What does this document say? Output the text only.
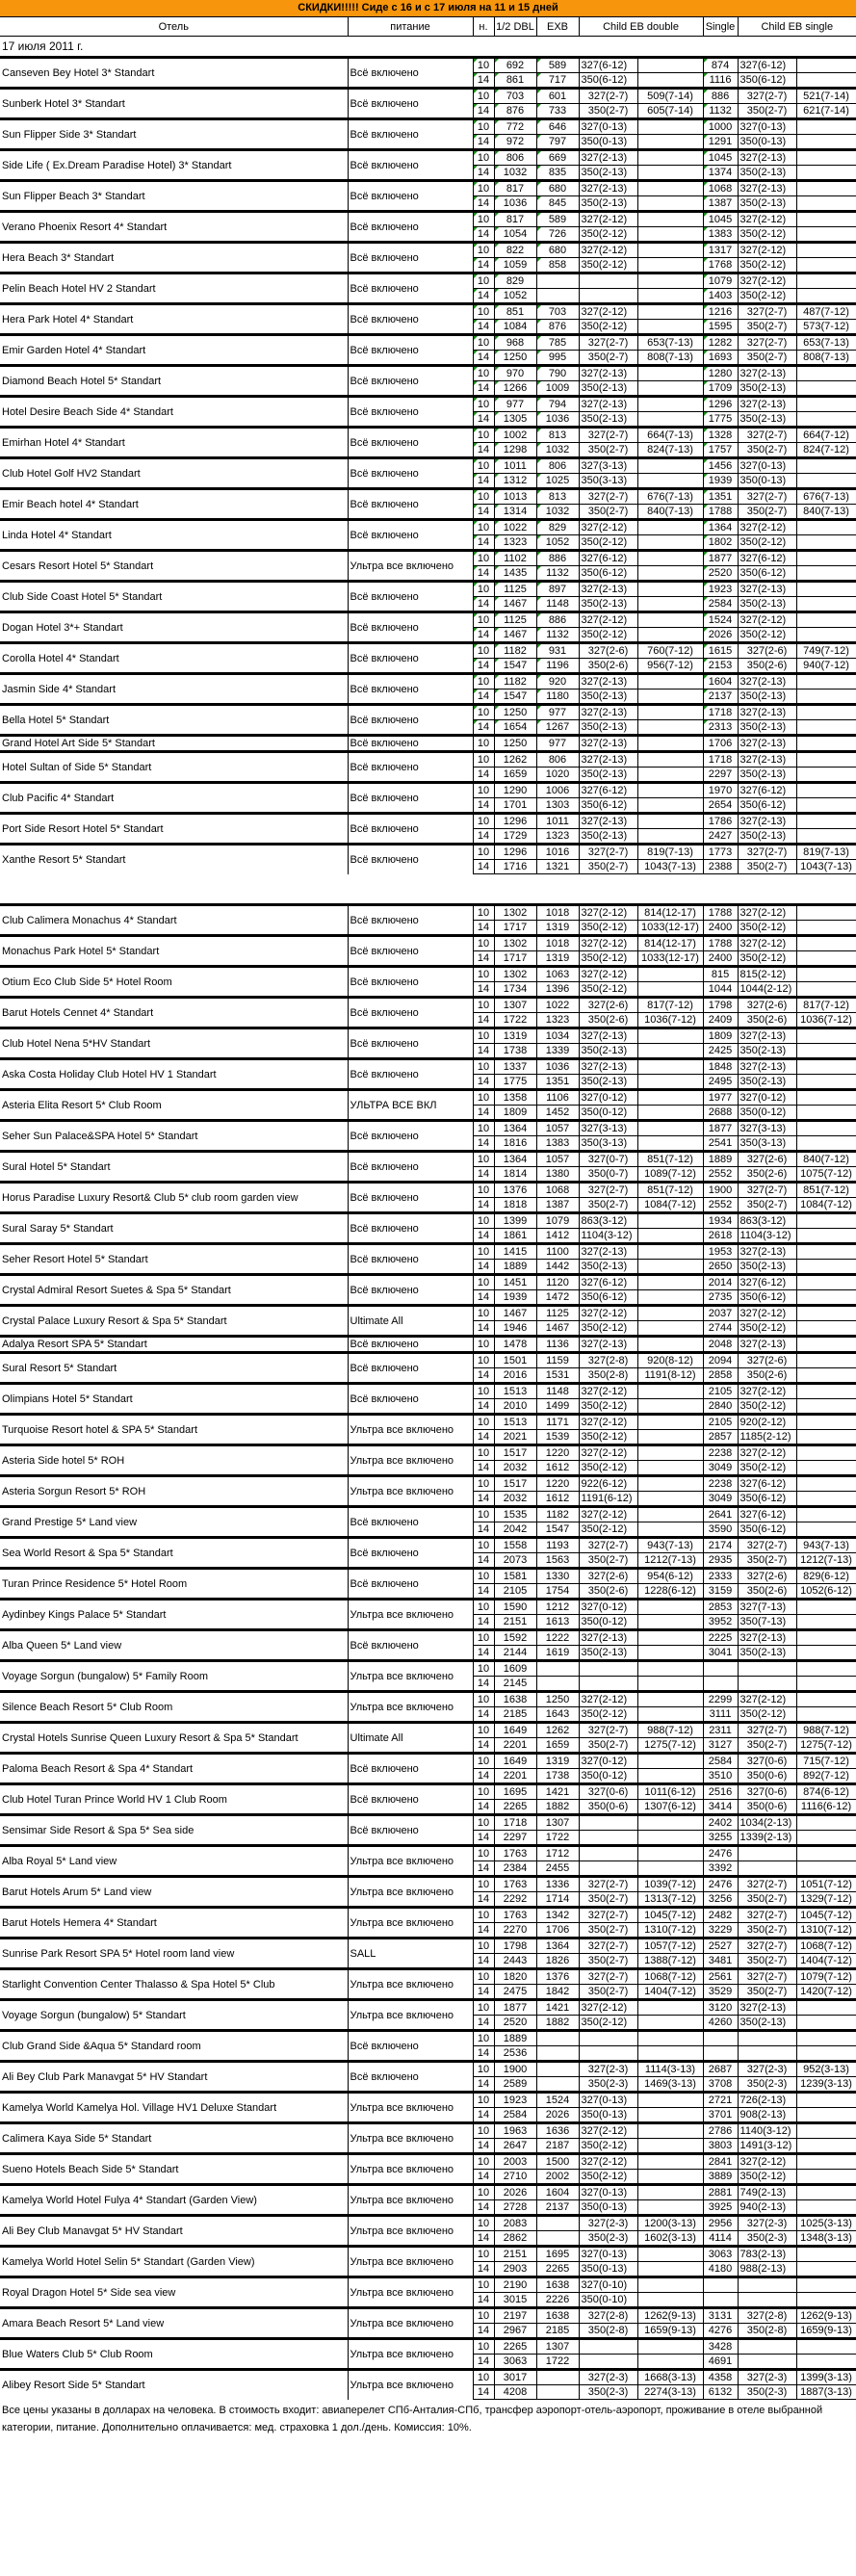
СКИДКИ!!!!! Сиде с 16 и с 17 июля на 11 и 15 дней
Отель	питание	н.	1/2 DBL	EXB	Child EB double		Single	Child EB single	
17 июля 2011 г.									
Canseven Bey Hotel 3* Standart	Всё включено	10	692	589	327(6-12)		874	327(6-12)	
		14	861	717	350(6-12)		1116	350(6-12)	
Sunberk Hotel 3* Standart	Всё включено	10	703	601	327(2-7)	509(7-14)	886	327(2-7)	521(7-14)
		14	876	733	350(2-7)	605(7-14)	1132	350(2-7)	621(7-14)
Sun Flipper Side 3* Standart	Всё включено	10	772	646	327(0-13)		1000	327(0-13)	
		14	972	797	350(0-13)		1291	350(0-13)	
Side Life ( Ex.Dream Paradise Hotel) 3* Standart	Всё включено	10	806	669	327(2-13)		1045	327(2-13)	
		14	1032	835	350(2-13)		1374	350(2-13)	
Sun Flipper Beach 3* Standart	Всё включено	10	817	680	327(2-13)		1068	327(2-13)	
		14	1036	845	350(2-13)		1387	350(2-13)	
Verano Phoenix Resort 4* Standart	Всё включено	10	817	589	327(2-12)		1045	327(2-12)	
		14	1054	726	350(2-12)		1383	350(2-12)	
Hera Beach 3* Standart	Всё включено	10	822	680	327(2-12)		1317	327(2-12)	
		14	1059	858	350(2-12)		1768	350(2-12)	
Pelin Beach Hotel HV 2 Standart	Всё включено	10	829				1079	327(2-12)	
		14	1052				1403	350(2-12)	
Hera Park Hotel 4* Standart	Всё включено	10	851	703	327(2-12)		1216	327(2-7)	487(7-12)
		14	1084	876	350(2-12)		1595	350(2-7)	573(7-12)
Emir Garden Hotel 4* Standart	Всё включено	10	968	785	327(2-7)	653(7-13)	1282	327(2-7)	653(7-13)
		14	1250	995	350(2-7)	808(7-13)	1693	350(2-7)	808(7-13)
Diamond Beach Hotel 5* Standart	Всё включено	10	970	790	327(2-13)		1280	327(2-13)	
		14	1266	1009	350(2-13)		1709	350(2-13)	
Hotel Desire Beach Side 4* Standart	Всё включено	10	977	794	327(2-13)		1296	327(2-13)	
		14	1305	1036	350(2-13)		1775	350(2-13)	
Emirhan Hotel 4* Standart	Всё включено	10	1002	813	327(2-7)	664(7-13)	1328	327(2-7)	664(7-12)
		14	1298	1032	350(2-7)	824(7-13)	1757	350(2-7)	824(7-12)
Club Hotel Golf HV2 Standart	Всё включено	10	1011	806	327(3-13)		1456	327(0-13)	
		14	1312	1025	350(3-13)		1939	350(0-13)	
Emir Beach hotel 4* Standart	Всё включено	10	1013	813	327(2-7)	676(7-13)	1351	327(2-7)	676(7-13)
		14	1314	1032	350(2-7)	840(7-13)	1788	350(2-7)	840(7-13)
Linda Hotel 4* Standart	Всё включено	10	1022	829	327(2-12)		1364	327(2-12)	
		14	1323	1052	350(2-12)		1802	350(2-12)	
Cesars Resort Hotel 5* Standart	Ультра все включено	10	1102	886	327(6-12)		1877	327(6-12)	
		14	1435	1132	350(6-12)		2520	350(6-12)	
Club Side Coast Hotel 5* Standart	Всё включено	10	1125	897	327(2-13)		1923	327(2-13)	
		14	1467	1148	350(2-13)		2584	350(2-13)	
Dogan Hotel 3*+ Standart	Всё включено	10	1125	886	327(2-12)		1524	327(2-12)	
		14	1467	1132	350(2-12)		2026	350(2-12)	
Corolla Hotel 4* Standart	Всё включено	10	1182	931	327(2-6)	760(7-12)	1615	327(2-6)	749(7-12)
		14	1547	1196	350(2-6)	956(7-12)	2153	350(2-6)	940(7-12)
Jasmin Side 4* Standart	Всё включено	10	1182	920	327(2-13)		1604	327(2-13)	
		14	1547	1180	350(2-13)		2137	350(2-13)	
Bella Hotel 5* Standart	Всё включено	10	1250	977	327(2-13)		1718	327(2-13)	
		14	1654	1267	350(2-13)		2313	350(2-13)	
Grand Hotel Art Side 5* Standart	Всё включено	10	1250	977	327(2-13)		1706	327(2-13)	
Hotel Sultan of Side 5* Standart	Всё включено	10	1262	806	327(2-13)		1718	327(2-13)	
		14	1659	1020	350(2-13)		2297	350(2-13)	
Club Pacific 4* Standart	Всё включено	10	1290	1006	327(6-12)		1970	327(6-12)	
		14	1701	1303	350(6-12)		2654	350(6-12)	
Port Side Resort Hotel 5* Standart	Всё включено	10	1296	1011	327(2-13)		1786	327(2-13)	
		14	1729	1323	350(2-13)		2427	350(2-13)	
Xanthe Resort 5* Standart	Всё включено	10	1296	1016	327(2-7)	819(7-13)	1773	327(2-7)	819(7-13)
		14	1716	1321	350(2-7)	1043(7-13)	2388	350(2-7)	1043(7-13)

Club Calimera Monachus 4* Standart	Всё включено	10	1302	1018	327(2-12)	814(12-17)	1788	327(2-12)	
		14	1717	1319	350(2-12)	1033(12-17)	2400	350(2-12)	
Monachus Park Hotel 5* Standart	Всё включено	10	1302	1018	327(2-12)	814(12-17)	1788	327(2-12)	
		14	1717	1319	350(2-12)	1033(12-17)	2400	350(2-12)	
Otium Eco Club Side 5* Hotel Room	Всё включено	10	1302	1063	327(2-12)		815	815(2-12)	
		14	1734	1396	350(2-12)		1044	1044(2-12)	
Barut Hotels Cennet 4* Standart	Всё включено	10	1307	1022	327(2-6)	817(7-12)	1798	327(2-6)	817(7-12)
		14	1722	1323	350(2-6)	1036(7-12)	2409	350(2-6)	1036(7-12)
Club Hotel Nena 5*HV Standart	Всё включено	10	1319	1034	327(2-13)		1809	327(2-13)	
		14	1738	1339	350(2-13)		2425	350(2-13)	
Aska Costa Holiday Club Hotel HV 1 Standart	Всё включено	10	1337	1036	327(2-13)		1848	327(2-13)	
		14	1775	1351	350(2-13)		2495	350(2-13)	
Asteria Elita Resort 5* Club Room	УЛЬТРА ВСЕ ВКЛ	10	1358	1106	327(0-12)		1977	327(0-12)	
		14	1809	1452	350(0-12)		2688	350(0-12)	
Seher Sun Palace&SPA Hotel 5* Standart	Всё включено	10	1364	1057	327(3-13)		1877	327(3-13)	
		14	1816	1383	350(3-13)		2541	350(3-13)	
Sural Hotel 5* Standart	Всё включено	10	1364	1057	327(0-7)	851(7-12)	1889	327(2-6)	840(7-12)
		14	1814	1380	350(0-7)	1089(7-12)	2552	350(2-6)	1075(7-12)
Horus Paradise Luxury Resort& Club 5* club room garden view	Всё включено	10	1376	1068	327(2-7)	851(7-12)	1900	327(2-7)	851(7-12)
		14	1818	1387	350(2-7)	1084(7-12)	2552	350(2-7)	1084(7-12)
Sural Saray 5* Standart	Всё включено	10	1399	1079	863(3-12)		1934	863(3-12)	
		14	1861	1412	1104(3-12)		2618	1104(3-12)	
Seher Resort Hotel 5* Standart	Всё включено	10	1415	1100	327(2-13)		1953	327(2-13)	
		14	1889	1442	350(2-13)		2650	350(2-13)	
Crystal Admiral Resort Suetes & Spa 5* Standart	Всё включено	10	1451	1120	327(6-12)		2014	327(6-12)	
		14	1939	1472	350(6-12)		2735	350(6-12)	
Crystal Palace Luxury Resort & Spa 5* Standart	Ultimate All	10	1467	1125	327(2-12)		2037	327(2-12)	
		14	1946	1467	350(2-12)		2744	350(2-12)	
Adalya Resort SPA 5* Standart	Всё включено	10	1478	1136	327(2-13)		2048	327(2-13)	
Sural Resort 5* Standart	Всё включено	10	1501	1159	327(2-8)	920(8-12)	2094	327(2-6)	
		14	2016	1531	350(2-8)	1191(8-12)	2858	350(2-6)	
Olimpians Hotel 5* Standart	Всё включено	10	1513	1148	327(2-12)		2105	327(2-12)	
		14	2010	1499	350(2-12)		2840	350(2-12)	
Turquoise Resort hotel & SPA 5* Standart	Ультра все включено	10	1513	1171	327(2-12)		2105	920(2-12)	
		14	2021	1539	350(2-12)		2857	1185(2-12)	
Asteria Side hotel 5* ROH	Ультра все включено	10	1517	1220	327(2-12)		2238	327(2-12)	
		14	2032	1612	350(2-12)		3049	350(2-12)	
Asteria Sorgun Resort 5* ROH	Ультра все включено	10	1517	1220	922(6-12)		2238	327(6-12)	
		14	2032	1612	1191(6-12)		3049	350(6-12)	
Grand Prestige 5* Land view	Всё включено	10	1535	1182	327(2-12)		2641	327(6-12)	
		14	2042	1547	350(2-12)		3590	350(6-12)	
Sea World Resort & Spa 5* Standart	Всё включено	10	1558	1193	327(2-7)	943(7-13)	2174	327(2-7)	943(7-13)
		14	2073	1563	350(2-7)	1212(7-13)	2935	350(2-7)	1212(7-13)
Turan Prince Residence 5* Hotel Room	Всё включено	10	1581	1330	327(2-6)	954(6-12)	2333	327(2-6)	829(6-12)
		14	2105	1754	350(2-6)	1228(6-12)	3159	350(2-6)	1052(6-12)
Aydinbey Kings Palace 5* Standart	Ультра все включено	10	1590	1212	327(0-12)		2853	327(7-13)	
		14	2151	1613	350(0-12)		3952	350(7-13)	
Alba Queen 5* Land view	Всё включено	10	1592	1222	327(2-13)		2225	327(2-13)	
		14	2144	1619	350(2-13)		3041	350(2-13)	
Voyage Sorgun (bungalow) 5* Family Room	Ультра все включено	10	1609						
		14	2145						
Silence Beach Resort 5* Club Room	Ультра все включено	10	1638	1250	327(2-12)		2299	327(2-12)	
		14	2185	1643	350(2-12)		3111	350(2-12)	
Crystal Hotels Sunrise Queen Luxury Resort & Spa 5* Standart	Ultimate All	10	1649	1262	327(2-7)	988(7-12)	2311	327(2-7)	988(7-12)
		14	2201	1659	350(2-7)	1275(7-12)	3127	350(2-7)	1275(7-12)
Paloma Beach Resort & Spa 4* Standart	Всё включено	10	1649	1319	327(0-12)		2584	327(0-6)	715(7-12)
		14	2201	1738	350(0-12)		3510	350(0-6)	892(7-12)
Club Hotel Turan Prince World HV 1 Club Room	Всё включено	10	1695	1421	327(0-6)	1011(6-12)	2516	327(0-6)	874(6-12)
		14	2265	1882	350(0-6)	1307(6-12)	3414	350(0-6)	1116(6-12)
Sensimar Side Resort & Spa 5* Sea side	Всё включено	10	1718	1307			2402	1034(2-13)	
		14	2297	1722			3255	1339(2-13)	
Alba Royal 5* Land view	Ультра все включено	10	1763	1712			2476		
		14	2384	2455			3392		
Barut Hotels Arum 5* Land view	Ультра все включено	10	1763	1336	327(2-7)	1039(7-12)	2476	327(2-7)	1051(7-12)
		14	2292	1714	350(2-7)	1313(7-12)	3256	350(2-7)	1329(7-12)
Barut Hotels Hemera 4* Standart	Ультра все включено	10	1763	1342	327(2-7)	1045(7-12)	2482	327(2-7)	1045(7-12)
		14	2270	1706	350(2-7)	1310(7-12)	3229	350(2-7)	1310(7-12)
Sunrise Park Resort SPA 5* Hotel room land view	SALL	10	1798	1364	327(2-7)	1057(7-12)	2527	327(2-7)	1068(7-12)
		14	2443	1826	350(2-7)	1388(7-12)	3481	350(2-7)	1404(7-12)
Starlight Convention Center Thalasso & Spa Hotel 5* Club	Ультра все включено	10	1820	1376	327(2-7)	1068(7-12)	2561	327(2-7)	1079(7-12)
		14	2475	1842	350(2-7)	1404(7-12)	3529	350(2-7)	1420(7-12)
Voyage Sorgun (bungalow) 5* Standart	Ультра все включено	10	1877	1421	327(2-12)		3120	327(2-13)	
		14	2520	1882	350(2-12)		4260	350(2-13)	
Club Grand Side &Aqua 5* Standard room	Всё включено	10	1889						
		14	2536						
Ali Bey Club Park Manavgat 5* HV Standart	Всё включено	10	1900		327(2-3)	1114(3-13)	2687	327(2-3)	952(3-13)
		14	2589		350(2-3)	1469(3-13)	3708	350(2-3)	1239(3-13)
Kamelya World Kamelya Hol. Village HV1 Deluxe Standart	Ультра все включено	10	1923	1524	327(0-13)		2721	726(2-13)	
		14	2584	2026	350(0-13)		3701	908(2-13)	
Calimera Kaya Side 5* Standart	Ультра все включено	10	1963	1636	327(2-12)		2786	1140(3-12)	
		14	2647	2187	350(2-12)		3803	1491(3-12)	
Sueno Hotels Beach Side 5* Standart	Ультра все включено	10	2003	1500	327(2-12)		2841	327(2-12)	
		14	2710	2002	350(2-12)		3889	350(2-12)	
Kamelya World Hotel Fulya 4* Standart (Garden View)	Ультра все включено	10	2026	1604	327(0-13)		2881	749(2-13)	
		14	2728	2137	350(0-13)		3925	940(2-13)	
Ali Bey Club Manavgat 5* HV Standart	Ультра все включено	10	2083		327(2-3)	1200(3-13)	2956	327(2-3)	1025(3-13)
		14	2862		350(2-3)	1602(3-13)	4114	350(2-3)	1348(3-13)
Kamelya World Hotel Selin 5* Standart (Garden View)	Ультра все включено	10	2151	1695	327(0-13)		3063	783(2-13)	
		14	2903	2265	350(0-13)		4180	988(2-13)	
Royal Dragon Hotel 5* Side sea view	Ультра все включено	10	2190	1638	327(0-10)				
		14	3015	2226	350(0-10)				
Amara Beach Resort 5* Land view	Ультра все включено	10	2197	1638	327(2-8)	1262(9-13)	3131	327(2-8)	1262(9-13)
		14	2967	2185	350(2-8)	1659(9-13)	4276	350(2-8)	1659(9-13)
Blue Waters Club 5* Club Room	Ультра все включено	10	2265	1307			3428		
		14	3063	1722			4691		
Alibey Resort Side 5* Standart	Ультра все включено	10	3017		327(2-3)	1668(3-13)	4358	327(2-3)	1399(3-13)
		14	4208		350(2-3)	2274(3-13)	6132	350(2-3)	1887(3-13)
Все цены указаны в долларах на человека. В стоимость входит: авиаперелет СПб-Анталия-СПб, трансфер аэропорт-отель-аэропорт, проживание в отеле выбранной категории, питание. Дополнительно оплачивается: мед. страховка 1 дол./день. Комиссия: 10%.
